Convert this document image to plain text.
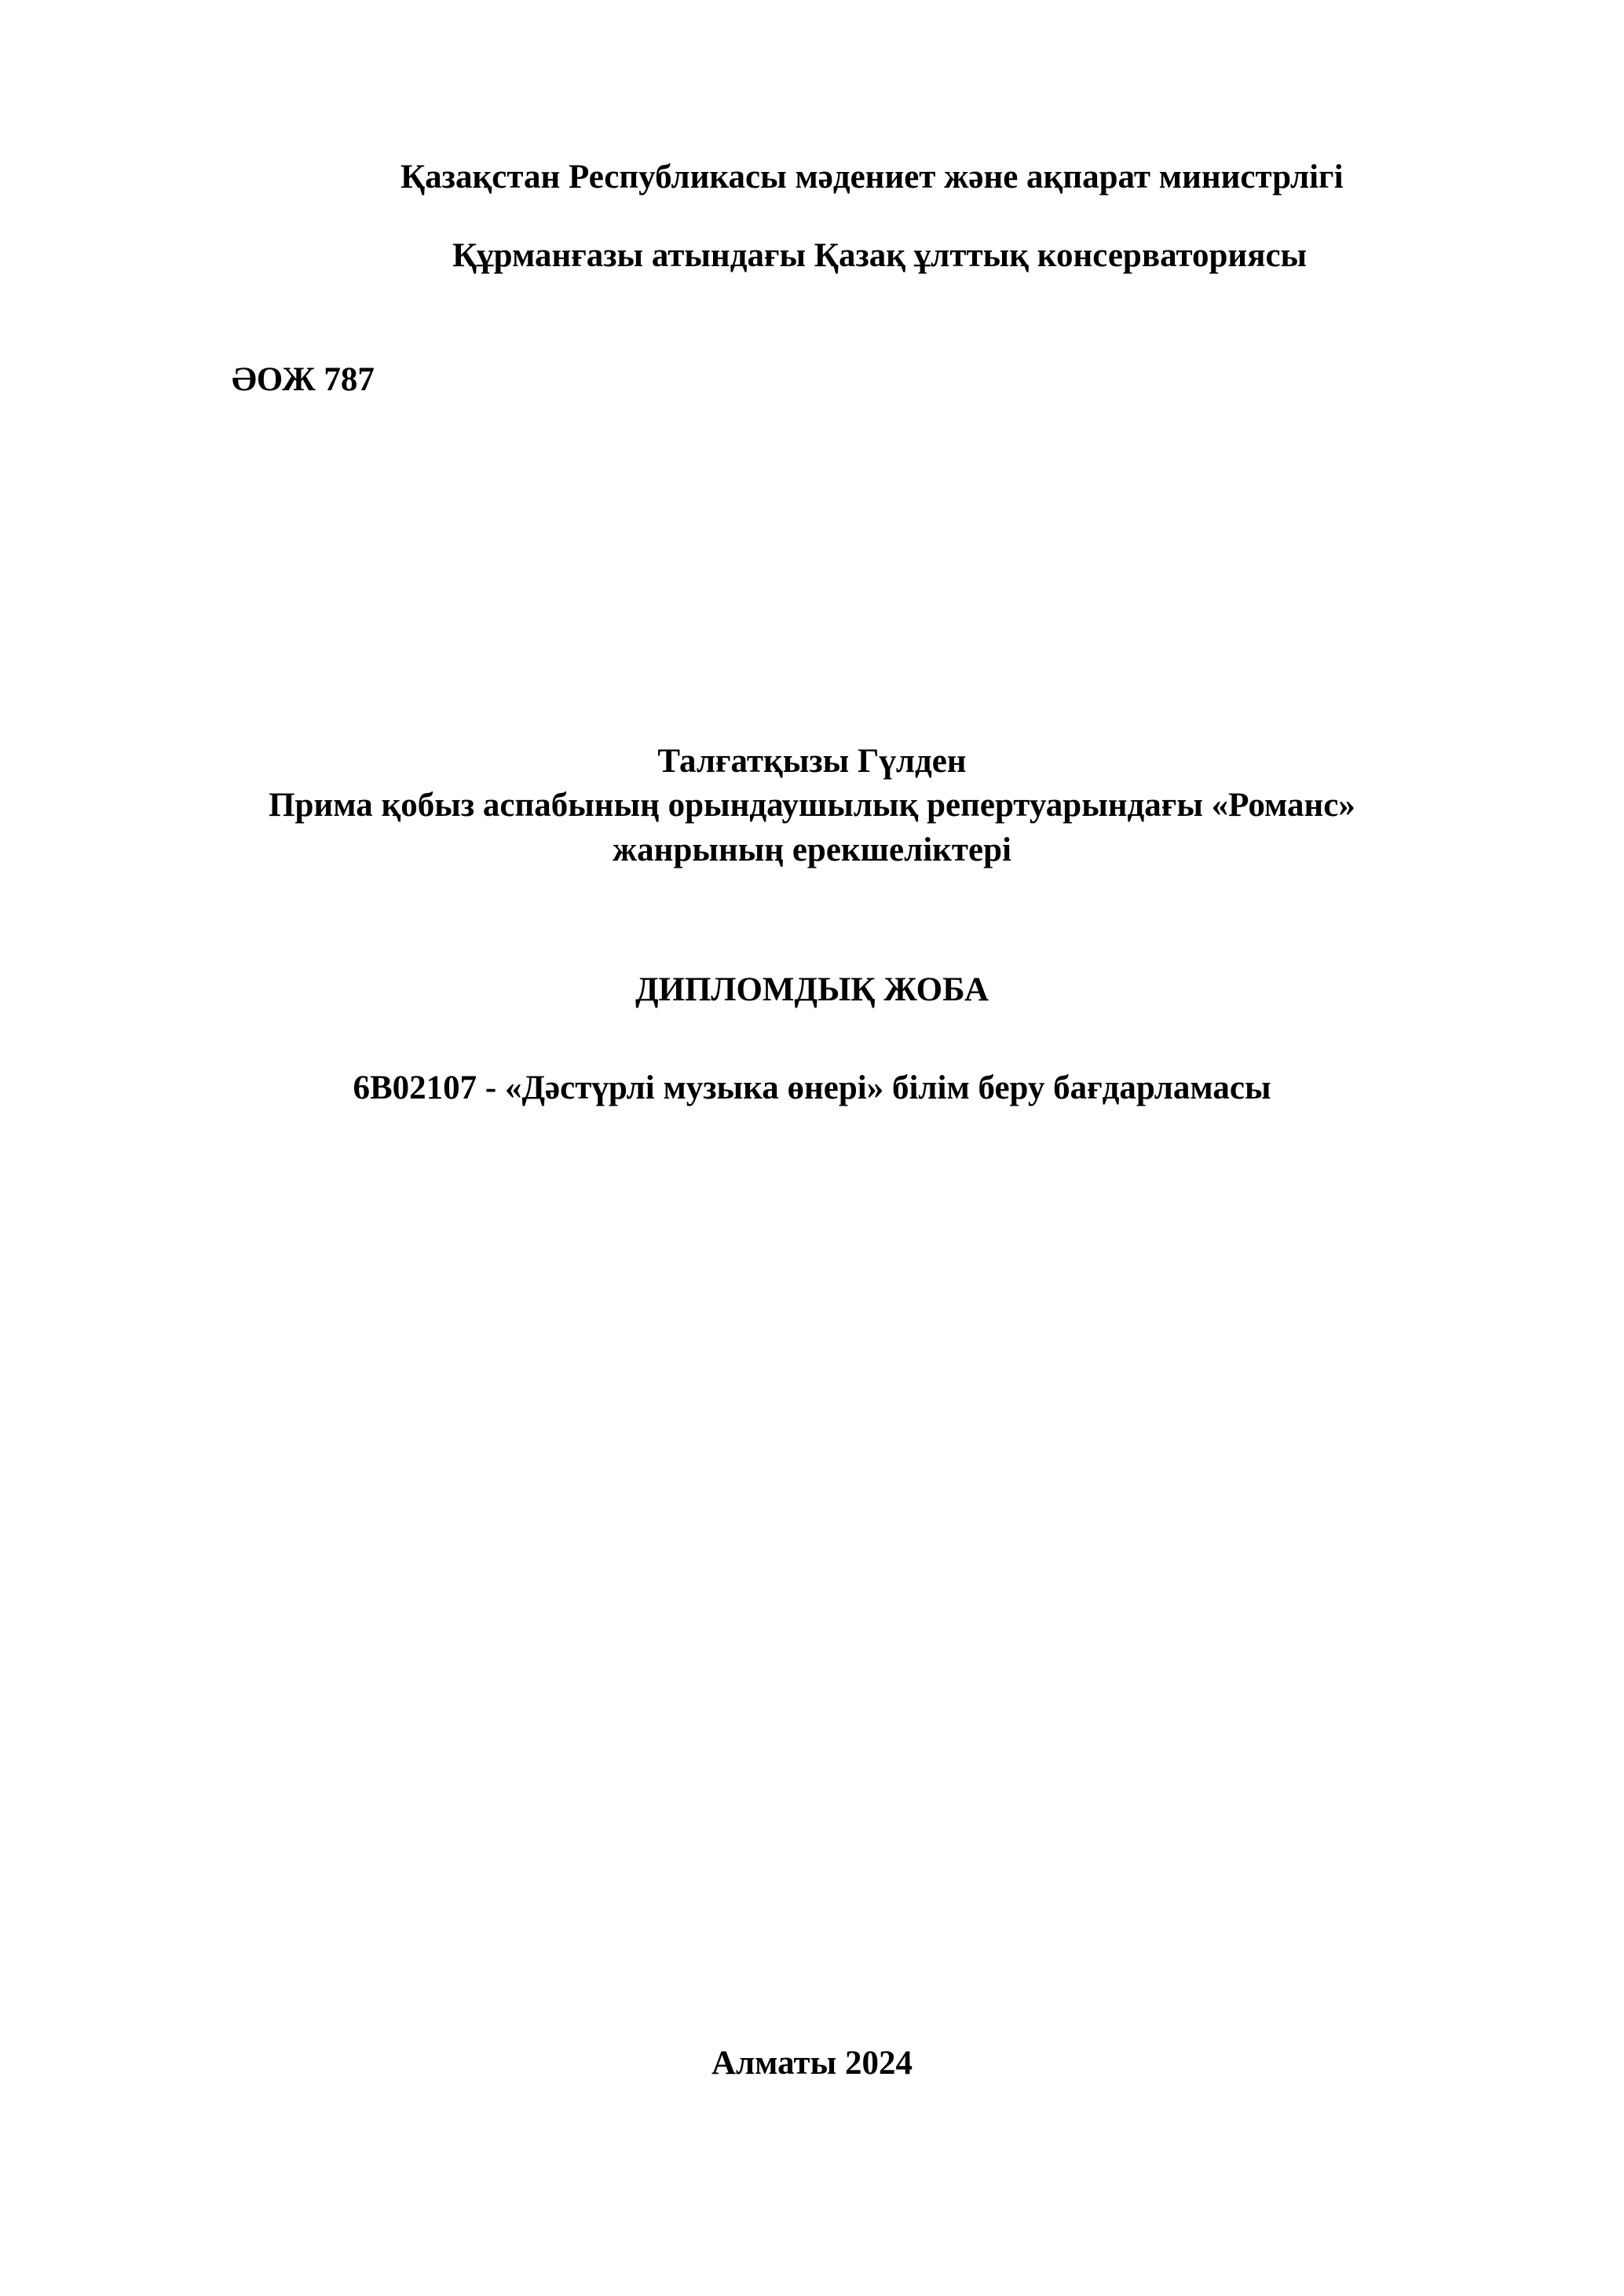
Қазақстан Республикасы мәдениет және ақпарат министрлігі
Құрманғазы атындағы Қазақ ұлттық консерваториясы
ӘОЖ 787
Талғатқызы Гүлден
Прима қобыз аспабының орындаушылық репертуарындағы «Романс»
жанрының ерекшеліктері
ДИПЛОМДЫҚ ЖОБА
6В02107 - «Дәстүрлі музыка өнері» білім беру бағдарламасы
Алматы 2024
